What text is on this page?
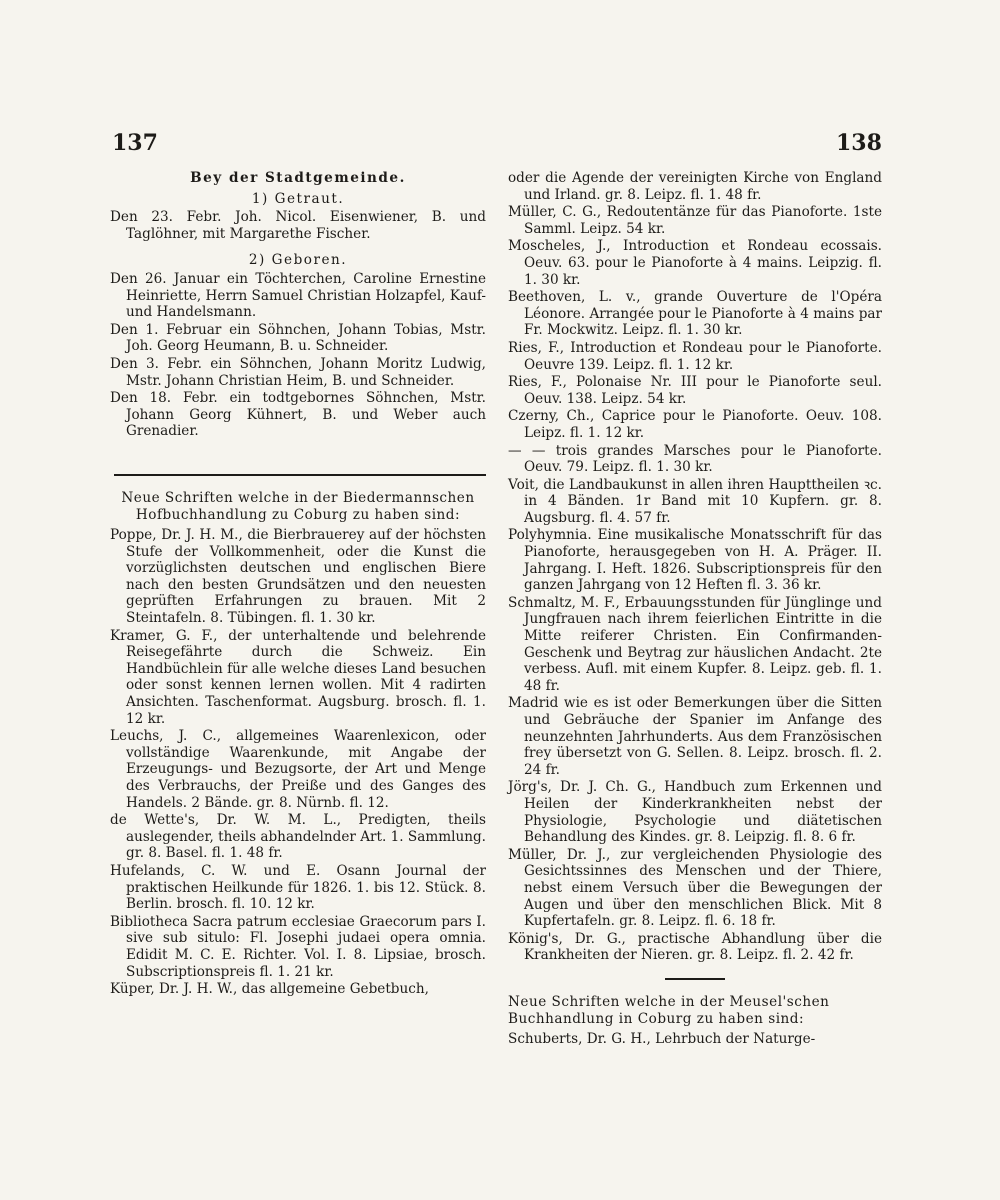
137	138
Bey der Stadtgemeinde.
1) Getraut.
Den 23. Febr. Joh. Nicol. Eisenwiener, B. und Taglöhner, mit Margarethe Fischer.
2) Geboren.
Den 26. Januar ein Töchterchen, Caroline Ernestine Heinriette, Herrn Samuel Christian Holzapfel, Kauf- und Handelsmann.
Den 1. Februar ein Söhnchen, Johann Tobias, Mstr. Joh. Georg Heumann, B. u. Schneider.
Den 3. Febr. ein Söhnchen, Johann Moritz Ludwig, Mstr. Johann Christian Heim, B. und Schneider.
Den 18. Febr. ein todtgebornes Söhnchen, Mstr. Johann Georg Kühnert, B. und Weber auch Grenadier.
Neue Schriften welche in der Biedermannschen Hofbuchhandlung zu Coburg zu haben sind:
Poppe, Dr. J. H. M., die Bierbrauerey auf der höchsten Stufe der Vollkommenheit, oder die Kunst die vorzüglichsten deutschen und englischen Biere nach den besten Grundsätzen und den neuesten geprüften Erfahrungen zu brauen. Mit 2 Steintafeln. 8. Tübingen. fl. 1. 30 kr.
Kramer, G. F., der unterhaltende und belehrende Reisegefährte durch die Schweiz. Ein Handbüchlein für alle welche dieses Land besuchen oder sonst kennen lernen wollen. Mit 4 radirten Ansichten. Taschenformat. Augsburg. brosch. fl. 1. 12 kr.
Leuchs, J. C., allgemeines Waarenlexicon, oder vollständige Waarenkunde, mit Angabe der Erzeugungs- und Bezugsorte, der Art und Menge des Verbrauchs, der Preiße und des Ganges des Handels. 2 Bände. gr. 8. Nürnb. fl. 12.
de Wette's, Dr. W. M. L., Predigten, theils auslegender, theils abhandelnder Art. 1. Sammlung. gr. 8. Basel. fl. 1. 48 fr.
Hufelands, C. W. und E. Osann Journal der praktischen Heilkunde für 1826. 1. bis 12. Stück. 8. Berlin. brosch. fl. 10. 12 kr.
Bibliotheca Sacra patrum ecclesiae Graecorum pars I. sive sub situlo: Fl. Josephi judaei opera omnia. Edidit M. C. E. Richter. Vol. I. 8. Lipsiae, brosch. Subscriptionspreis fl. 1. 21 kr.
Küper, Dr. J. H. W., das allgemeine Gebetbuch,
oder die Agende der vereinigten Kirche von England und Irland. gr. 8. Leipz. fl. 1. 48 fr.
Müller, C. G., Redoutentänze für das Pianoforte. 1ste Samml. Leipz. 54 kr.
Moscheles, J., Introduction et Rondeau ecossais. Oeuv. 63. pour le Pianoforte à 4 mains. Leipzig. fl. 1. 30 kr.
Beethoven, L. v., grande Ouverture de l'Opéra Léonore. Arrangée pour le Pianoforte à 4 mains par Fr. Mockwitz. Leipz. fl. 1. 30 kr.
Ries, F., Introduction et Rondeau pour le Pianoforte. Oeuvre 139. Leipz. fl. 1. 12 kr.
Ries, F., Polonaise Nr. III pour le Pianoforte seul. Oeuv. 138. Leipz. 54 kr.
Czerny, Ch., Caprice pour le Pianoforte. Oeuv. 108. Leipz. fl. 1. 12 kr.
— — trois grandes Marsches pour le Pianoforte. Oeuv. 79. Leipz. fl. 1. 30 kr.
Voit, die Landbaukunst in allen ihren Haupttheilen ꝛc. in 4 Bänden. 1r Band mit 10 Kupfern. gr. 8. Augsburg. fl. 4. 57 fr.
Polyhymnia. Eine musikalische Monatsschrift für das Pianoforte, herausgegeben von H. A. Präger. II. Jahrgang. I. Heft. 1826. Subscriptionspreis für den ganzen Jahrgang von 12 Heften fl. 3. 36 kr.
Schmaltz, M. F., Erbauungsstunden für Jünglinge und Jungfrauen nach ihrem feierlichen Eintritte in die Mitte reiferer Christen. Ein Confirmanden-Geschenk und Beytrag zur häuslichen Andacht. 2te verbess. Aufl. mit einem Kupfer. 8. Leipz. geb. fl. 1. 48 fr.
Madrid wie es ist oder Bemerkungen über die Sitten und Gebräuche der Spanier im Anfange des neunzehnten Jahrhunderts. Aus dem Französischen frey übersetzt von G. Sellen. 8. Leipz. brosch. fl. 2. 24 fr.
Jörg's, Dr. J. Ch. G., Handbuch zum Erkennen und Heilen der Kinderkrankheiten nebst der Physiologie, Psychologie und diätetischen Behandlung des Kindes. gr. 8. Leipzig. fl. 8. 6 fr.
Müller, Dr. J., zur vergleichenden Physiologie des Gesichtssinnes des Menschen und der Thiere, nebst einem Versuch über die Bewegungen der Augen und über den menschlichen Blick. Mit 8 Kupfertafeln. gr. 8. Leipz. fl. 6. 18 fr.
König's, Dr. G., practische Abhandlung über die Krankheiten der Nieren. gr. 8. Leipz. fl. 2. 42 fr.
Neue Schriften welche in der Meusel'schen Buchhandlung in Coburg zu haben sind:
Schuberts, Dr. G. H., Lehrbuch der Naturge-
